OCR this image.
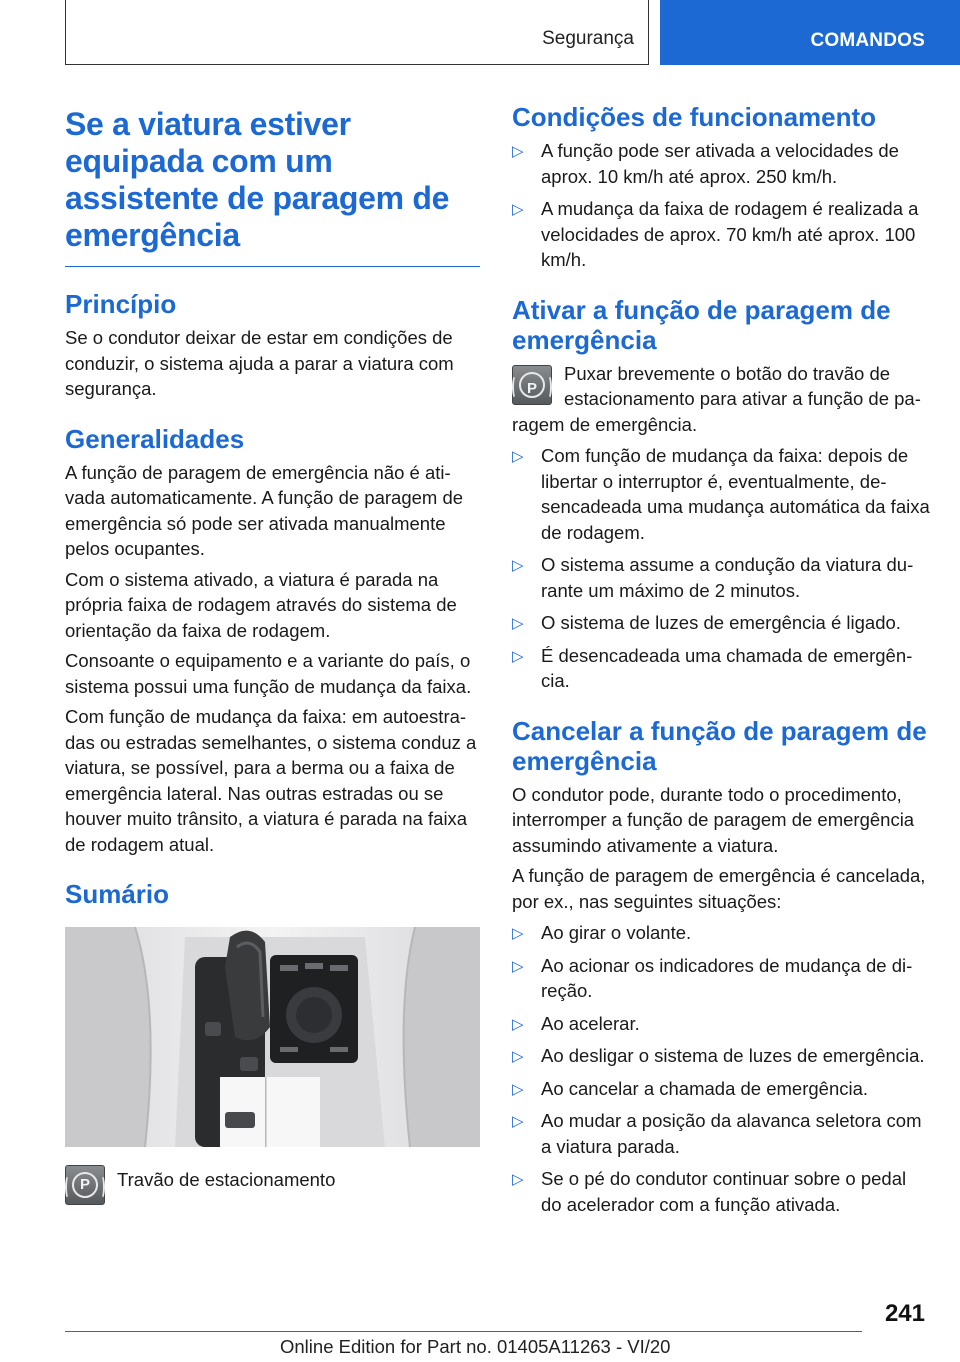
Segurança	COMANDOS
Se a viatura estiver equipada com um assistente de paragem de emergência
Princípio

Se o condutor deixar de estar em condições de conduzir, o sistema ajuda a parar a viatura com segurança.

Generalidades

A função de paragem de emergência não é ativada automaticamente. A função de paragem de emergência só pode ser ativada manualmente pelos ocupantes.

Com o sistema ativado, a viatura é parada na própria faixa de rodagem através do sistema de orientação da faixa de rodagem.

Consoante o equipamento e a variante do país, o sistema possui uma função de mudança da faixa.

Com função de mudança da faixa: em autoestradas ou estradas semelhantes, o sistema conduz a viatura, se possível, para a berma ou a faixa de emergência lateral. Nas outras estradas ou se houver muito trânsito, a viatura é parada na faixa de rodagem atual.

Sumário
P	Travão de estacionamento
Condições de funcionamento
▷ A função pode ser ativada a velocidades de aprox. 10 km/h até aprox. 250 km/h.
▷ A mudança da faixa de rodagem é realizada a velocidades de aprox. 70 km/h até aprox. 100 km/h.
Ativar a função de paragem de emergência

P
Puxar brevemente o botão do travão de estacionamento para ativar a função de paragem de emergência.

▷ Com função de mudança da faixa: depois de libertar o interruptor é, eventualmente, desencadeada uma mudança automática da faixa de rodagem.
▷ O sistema assume a condução da viatura durante um máximo de 2 minutos.
▷ O sistema de luzes de emergência é ligado.
▷ É desencadeada uma chamada de emergência.
Cancelar a função de paragem de emergência

O condutor pode, durante todo o procedimento, interromper a função de paragem de emergência assumindo ativamente a viatura.

A função de paragem de emergência é cancelada, por ex., nas seguintes situações:

▷ Ao girar o volante.
▷ Ao acionar os indicadores de mudança de direção.
▷ Ao acelerar.
▷ Ao desligar o sistema de luzes de emergência.
▷ Ao cancelar a chamada de emergência.
▷ Ao mudar a posição da alavanca seletora com a viatura parada.
▷ Se o pé do condutor continuar sobre o pedal do acelerador com a função ativada.
241
Online Edition for Part no. 01405A11263 - VI/20
